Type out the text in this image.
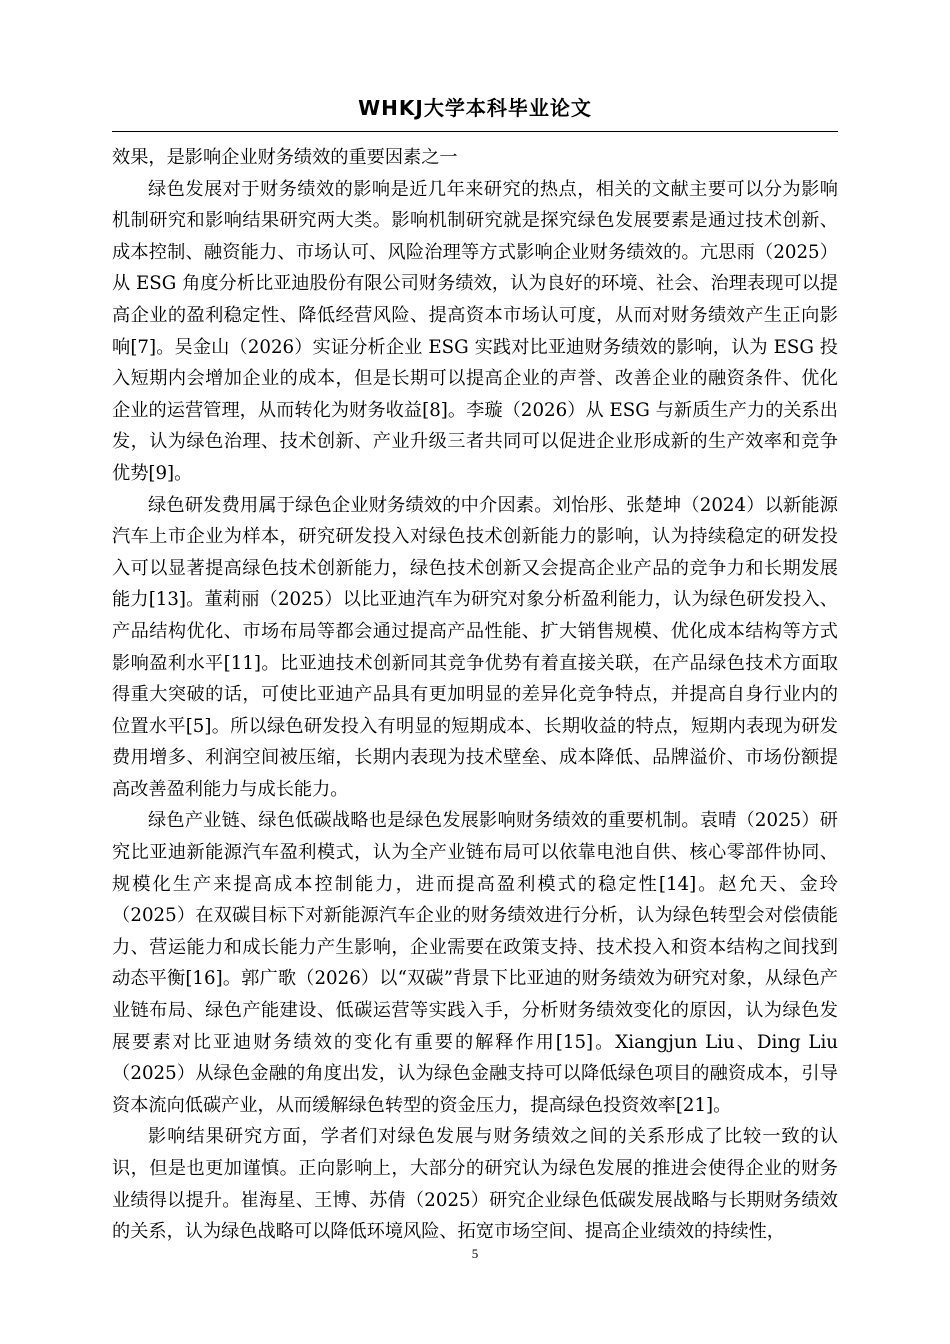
WHKJ大学本科毕业论文

效果，是影响企业财务绩效的重要因素之一

绿色发展对于财务绩效的影响是近几年来研究的热点，相关的文献主要可以分为影响机制研究和影响结果研究两大类。影响机制研究就是探究绿色发展要素是通过技术创新、成本控制、融资能力、市场认可、风险治理等方式影响企业财务绩效的。亢思雨（2025）从 ESG 角度分析比亚迪股份有限公司财务绩效，认为良好的环境、社会、治理表现可以提高企业的盈利稳定性、降低经营风险、提高资本市场认可度，从而对财务绩效产生正向影响[7]。吴金山（2026）实证分析企业 ESG 实践对比亚迪财务绩效的影响，认为 ESG 投入短期内会增加企业的成本，但是长期可以提高企业的声誉、改善企业的融资条件、优化企业的运营管理，从而转化为财务收益[8]。李璇（2026）从 ESG 与新质生产力的关系出发，认为绿色治理、技术创新、产业升级三者共同可以促进企业形成新的生产效率和竞争优势[9]。

绿色研发费用属于绿色企业财务绩效的中介因素。刘怡彤、张楚坤（2024）以新能源汽车上市企业为样本，研究研发投入对绿色技术创新能力的影响，认为持续稳定的研发投入可以显著提高绿色技术创新能力，绿色技术创新又会提高企业产品的竞争力和长期发展能力[13]。董莉丽（2025）以比亚迪汽车为研究对象分析盈利能力，认为绿色研发投入、产品结构优化、市场布局等都会通过提高产品性能、扩大销售规模、优化成本结构等方式影响盈利水平[11]。比亚迪技术创新同其竞争优势有着直接关联，在产品绿色技术方面取得重大突破的话，可使比亚迪产品具有更加明显的差异化竞争特点，并提高自身行业内的位置水平[5]。所以绿色研发投入有明显的短期成本、长期收益的特点，短期内表现为研发费用增多、利润空间被压缩，长期内表现为技术壁垒、成本降低、品牌溢价、市场份额提高改善盈利能力与成长能力。

绿色产业链、绿色低碳战略也是绿色发展影响财务绩效的重要机制。袁晴（2025）研究比亚迪新能源汽车盈利模式，认为全产业链布局可以依靠电池自供、核心零部件协同、规模化生产来提高成本控制能力，进而提高盈利模式的稳定性[14]。赵允天、金玲（2025）在双碳目标下对新能源汽车企业的财务绩效进行分析，认为绿色转型会对偿债能力、营运能力和成长能力产生影响，企业需要在政策支持、技术投入和资本结构之间找到动态平衡[16]。郭广歌（2026）以“双碳”背景下比亚迪的财务绩效为研究对象，从绿色产业链布局、绿色产能建设、低碳运营等实践入手，分析财务绩效变化的原因，认为绿色发展要素对比亚迪财务绩效的变化有重要的解释作用[15]。Xiangjun Liu、Ding Liu（2025）从绿色金融的角度出发，认为绿色金融支持可以降低绿色项目的融资成本，引导资本流向低碳产业，从而缓解绿色转型的资金压力，提高绿色投资效率[21]。

影响结果研究方面，学者们对绿色发展与财务绩效之间的关系形成了比较一致的认识，但是也更加谨慎。正向影响上，大部分的研究认为绿色发展的推进会使得企业的财务业绩得以提升。崔海星、王博、苏倩（2025）研究企业绿色低碳发展战略与长期财务绩效的关系，认为绿色战略可以降低环境风险、拓宽市场空间、提高企业绩效的持续性，

5
